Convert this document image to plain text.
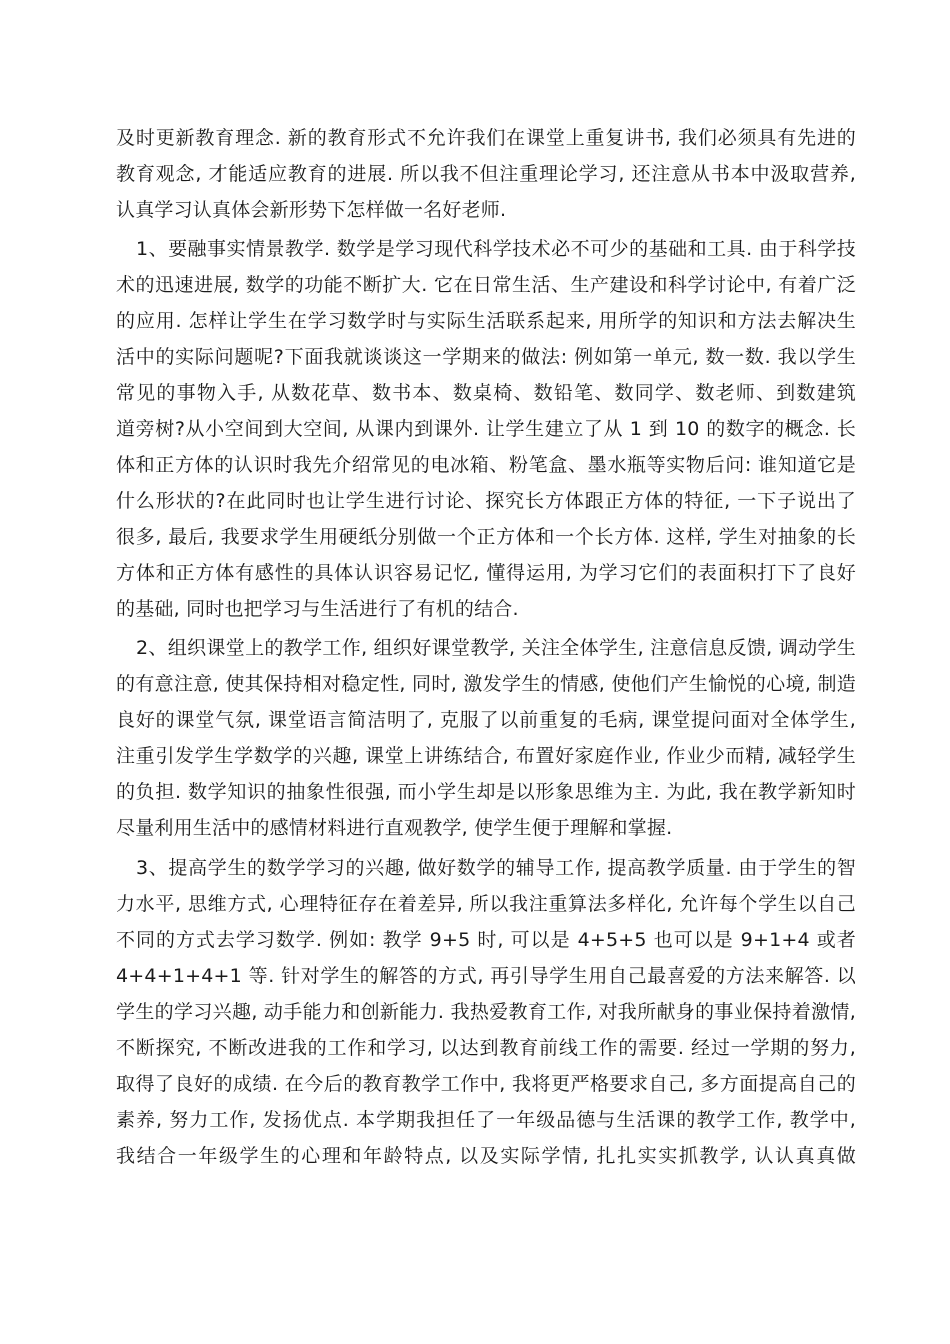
及时更新教育理念. 新的教育形式不允许我们在课堂上重复讲书, 我们必须具有先进的
教育观念, 才能适应教育的进展. 所以我不但注重理论学习, 还注意从书本中汲取营养,
认真学习认真体会新形势下怎样做一名好老师.
1、要融事实情景教学. 数学是学习现代科学技术必不可少的基础和工具. 由于科学技
术的迅速进展, 数学的功能不断扩大. 它在日常生活、生产建设和科学讨论中, 有着广泛
的应用. 怎样让学生在学习数学时与实际生活联系起来, 用所学的知识和方法去解决生
活中的实际问题呢?下面我就谈谈这一学期来的做法: 例如第一单元, 数一数. 我以学生
常见的事物入手, 从数花草、数书本、数桌椅、数铅笔、数同学、数老师、到数建筑
道旁树?从小空间到大空间, 从课内到课外. 让学生建立了从 1 到 10 的数字的概念. 长
体和正方体的认识时我先介绍常见的电冰箱、粉笔盒、墨水瓶等实物后问: 谁知道它是
什么形状的?在此同时也让学生进行讨论、探究长方体跟正方体的特征, 一下子说出了
很多, 最后, 我要求学生用硬纸分别做一个正方体和一个长方体. 这样, 学生对抽象的长
方体和正方体有感性的具体认识容易记忆, 懂得运用, 为学习它们的表面积打下了良好
的基础, 同时也把学习与生活进行了有机的结合.
2、组织课堂上的教学工作, 组织好课堂教学, 关注全体学生, 注意信息反馈, 调动学生
的有意注意, 使其保持相对稳定性, 同时, 激发学生的情感, 使他们产生愉悦的心境, 制造
良好的课堂气氛, 课堂语言简洁明了, 克服了以前重复的毛病, 课堂提问面对全体学生,
注重引发学生学数学的兴趣, 课堂上讲练结合, 布置好家庭作业, 作业少而精, 减轻学生
的负担. 数学知识的抽象性很强, 而小学生却是以形象思维为主. 为此, 我在教学新知时
尽量利用生活中的感情材料进行直观教学, 使学生便于理解和掌握.
3、提高学生的数学学习的兴趣, 做好数学的辅导工作, 提高教学质量. 由于学生的智
力水平, 思维方式, 心理特征存在着差异, 所以我注重算法多样化, 允许每个学生以自己
不同的方式去学习数学. 例如: 教学 9+5 时, 可以是 4+5+5 也可以是 9+1+4 或者
4+4+1+4+1 等. 针对学生的解答的方式, 再引导学生用自己最喜爱的方法来解答. 以
学生的学习兴趣, 动手能力和创新能力. 我热爱教育工作, 对我所献身的事业保持着激情,
不断探究, 不断改进我的工作和学习, 以达到教育前线工作的需要. 经过一学期的努力,
取得了良好的成绩. 在今后的教育教学工作中, 我将更严格要求自己, 多方面提高自己的
素养, 努力工作, 发扬优点. 本学期我担任了一年级品德与生活课的教学工作, 教学中,
我结合一年级学生的心理和年龄特点, 以及实际学情, 扎扎实实抓教学, 认认真真做
